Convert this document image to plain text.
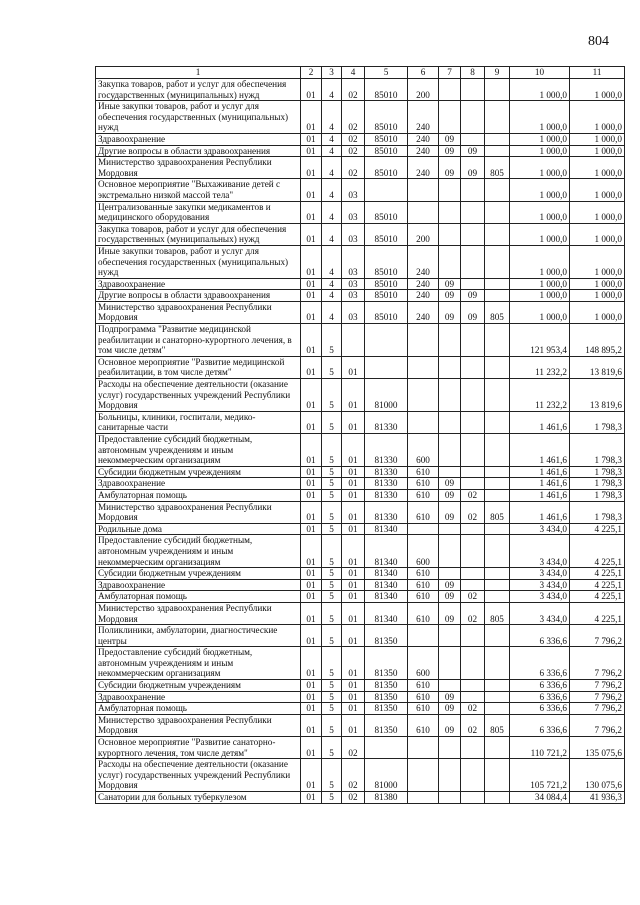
804
1	2	3	4	5	6	7	8	9	10	11
Закупка товаров, работ и услуг для обеспечения государственных (муниципальных) нужд	01	4	02	85010	200				1 000,0	1 000,0
Иные закупки товаров, работ и услуг для обеспечения государственных (муниципальных) нужд	01	4	02	85010	240				1 000,0	1 000,0
Здравоохранение	01	4	02	85010	240	09			1 000,0	1 000,0
Другие вопросы в области здравоохранения	01	4	02	85010	240	09	09		1 000,0	1 000,0
Министерство здравоохранения Республики Мордовия	01	4	02	85010	240	09	09	805	1 000,0	1 000,0
Основное мероприятие "Выхаживание детей с экстремально низкой массой тела"	01	4	03						1 000,0	1 000,0
Централизованные закупки медикаментов и медицинского оборудования	01	4	03	85010					1 000,0	1 000,0
Закупка товаров, работ и услуг для обеспечения государственных (муниципальных) нужд	01	4	03	85010	200				1 000,0	1 000,0
Иные закупки товаров, работ и услуг для обеспечения государственных (муниципальных) нужд	01	4	03	85010	240				1 000,0	1 000,0
Здравоохранение	01	4	03	85010	240	09			1 000,0	1 000,0
Другие вопросы в области здравоохранения	01	4	03	85010	240	09	09		1 000,0	1 000,0
Министерство здравоохранения Республики Мордовия	01	4	03	85010	240	09	09	805	1 000,0	1 000,0
Подпрограмма "Развитие медицинской реабилитации и санаторно-курортного лечения, в том числе детям"	01	5							121 953,4	148 895,2
Основное мероприятие "Развитие медицинской реабилитации, в том числе детям"	01	5	01						11 232,2	13 819,6
Расходы на обеспечение деятельности (оказание услуг) государственных учреждений Республики Мордовия	01	5	01	81000					11 232,2	13 819,6
Больницы, клиники, госпитали, медико-санитарные части	01	5	01	81330					1 461,6	1 798,3
Предоставление субсидий бюджетным, автономным учреждениям и иным некоммерческим организациям	01	5	01	81330	600				1 461,6	1 798,3
Субсидии бюджетным учреждениям	01	5	01	81330	610				1 461,6	1 798,3
Здравоохранение	01	5	01	81330	610	09			1 461,6	1 798,3
Амбулаторная помощь	01	5	01	81330	610	09	02		1 461,6	1 798,3
Министерство здравоохранения Республики Мордовия	01	5	01	81330	610	09	02	805	1 461,6	1 798,3
Родильные дома	01	5	01	81340					3 434,0	4 225,1
Предоставление субсидий бюджетным, автономным учреждениям и иным некоммерческим организациям	01	5	01	81340	600				3 434,0	4 225,1
Субсидии бюджетным учреждениям	01	5	01	81340	610				3 434,0	4 225,1
Здравоохранение	01	5	01	81340	610	09			3 434,0	4 225,1
Амбулаторная помощь	01	5	01	81340	610	09	02		3 434,0	4 225,1
Министерство здравоохранения Республики Мордовия	01	5	01	81340	610	09	02	805	3 434,0	4 225,1
Поликлиники, амбулатории, диагностические центры	01	5	01	81350					6 336,6	7 796,2
Предоставление субсидий бюджетным, автономным учреждениям и иным некоммерческим организациям	01	5	01	81350	600				6 336,6	7 796,2
Субсидии бюджетным учреждениям	01	5	01	81350	610				6 336,6	7 796,2
Здравоохранение	01	5	01	81350	610	09			6 336,6	7 796,2
Амбулаторная помощь	01	5	01	81350	610	09	02		6 336,6	7 796,2
Министерство здравоохранения Республики Мордовия	01	5	01	81350	610	09	02	805	6 336,6	7 796,2
Основное мероприятие "Развитие санаторно-курортного лечения, том числе детям"	01	5	02						110 721,2	135 075,6
Расходы на обеспечение деятельности (оказание услуг) государственных учреждений Республики Мордовия	01	5	02	81000					105 721,2	130 075,6
Санатории для больных туберкулезом	01	5	02	81380					34 084,4	41 936,3
